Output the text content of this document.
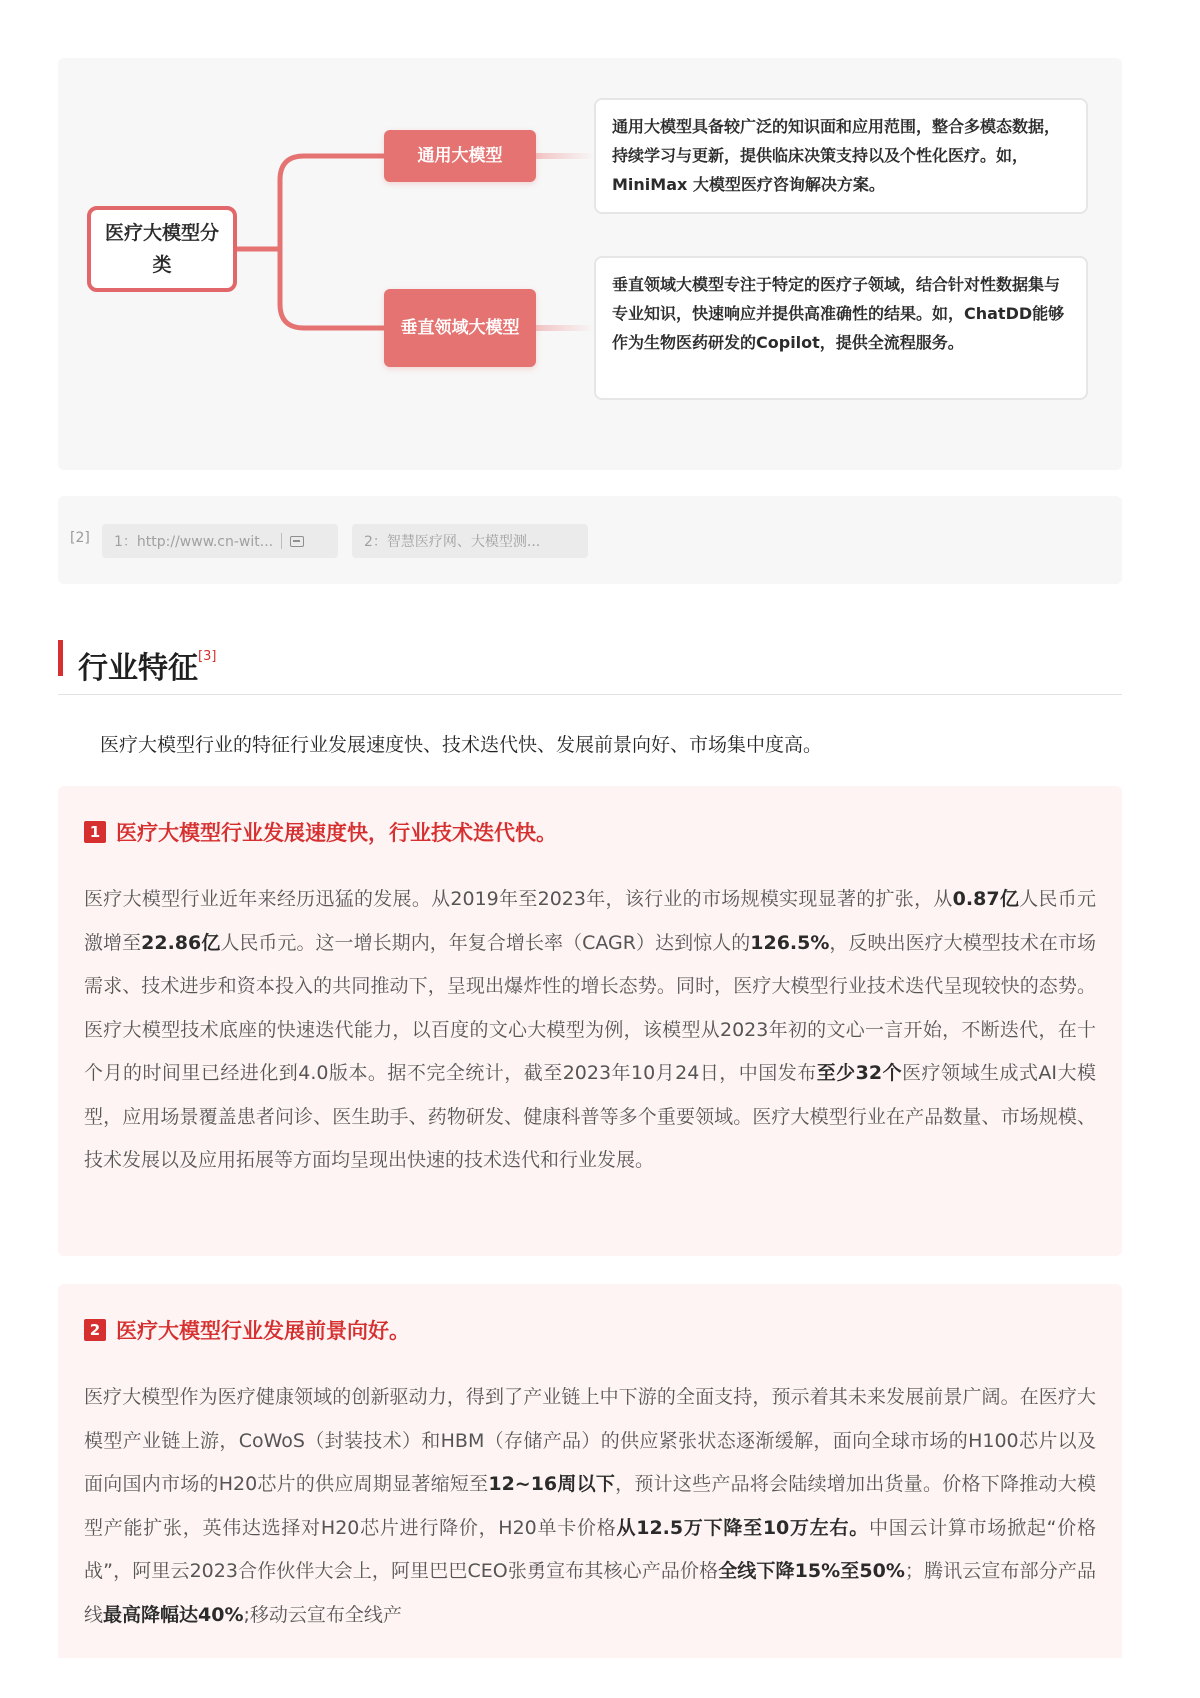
医疗大模型分类
通用大模型
垂直领域大模型
通用大模型具备较广泛的知识面和应用范围，整合多模态数据，持续学习与更新，提供临床决策支持以及个性化医疗。如，MiniMax 大模型医疗咨询解决方案。
垂直领域大模型专注于特定的医疗子领域，结合针对性数据集与专业知识，快速响应并提供高准确性的结果。如，ChatDD能够作为生物医药研发的Copilot，提供全流程服务。
[2] 1：http://www.cn-wit...	2：智慧医疗网、大模型测...
行业特征[3]

医疗大模型行业的特征行业发展速度快、技术迭代快、发展前景向好、市场集中度高。

1 医疗大模型行业发展速度快，行业技术迭代快。

医疗大模型行业近年来经历迅猛的发展。从2019年至2023年，该行业的市场规模实现显著的扩张，从0.87亿人民币元激增至22.86亿人民币元。这一增长期内，年复合增长率（CAGR）达到惊人的126.5%，反映出医疗大模型技术在市场需求、技术进步和资本投入的共同推动下，呈现出爆炸性的增长态势。同时，医疗大模型行业技术迭代呈现较快的态势。医疗大模型技术底座的快速迭代能力，以百度的文心大模型为例，该模型从2023年初的文心一言开始，不断迭代，在十个月的时间里已经进化到4.0版本。据不完全统计，截至2023年10月24日，中国发布至少32个医疗领域生成式AI大模型，应用场景覆盖患者问诊、医生助手、药物研发、健康科普等多个重要领域。医疗大模型行业在产品数量、市场规模、技术发展以及应用拓展等方面均呈现出快速的技术迭代和行业发展。

2 医疗大模型行业发展前景向好。

医疗大模型作为医疗健康领域的创新驱动力，得到了产业链上中下游的全面支持，预示着其未来发展前景广阔。在医疗大模型产业链上游，CoWoS（封装技术）和HBM（存储产品）的供应紧张状态逐渐缓解，面向全球市场的H100芯片以及面向国内市场的H20芯片的供应周期显著缩短至12~16周以下，预计这些产品将会陆续增加出货量。价格下降推动大模型产能扩张，英伟达选择对H20芯片进行降价，H20单卡价格从12.5万下降至10万左右。中国云计算市场掀起“价格战”，阿里云2023合作伙伴大会上，阿里巴巴CEO张勇宣布其核心产品价格全线下降15%至50%；腾讯云宣布部分产品线最高降幅达40%;移动云宣布全线产
